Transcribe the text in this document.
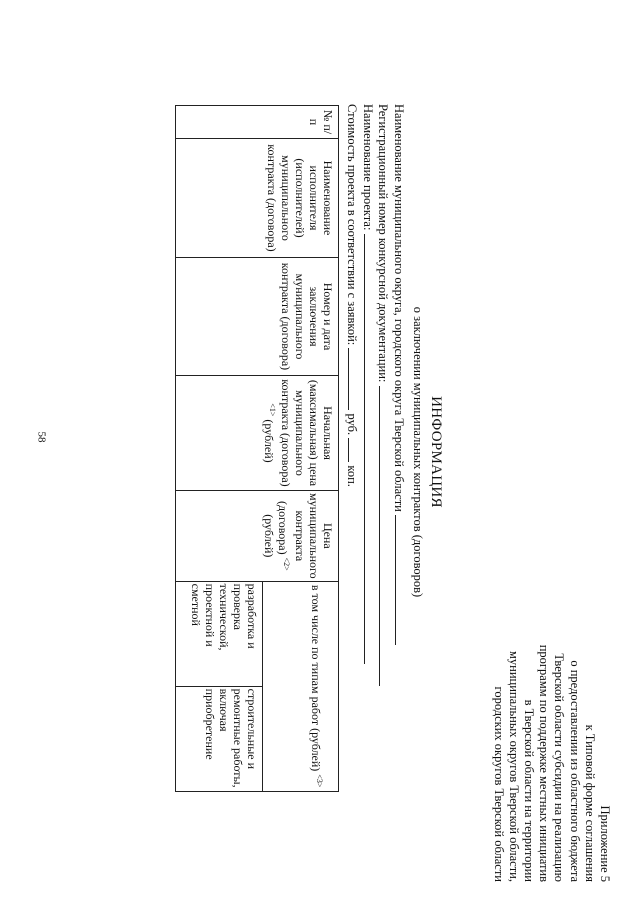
58
Приложение 5
к Типовой форме соглашения
о предоставлении из областного бюджета
Тверской области субсидии на реализацию
программ по поддержке местных инициатив
в Тверской области на территории
муниципальных округов Тверской области,
городских округов Тверской области
ИНФОРМАЦИЯ
о заключении муниципальных контрактов (договоров)
Наименование муниципального округа, городского округа Тверской области
Регистрационный номер конкурсной документации:
Наименование проекта:
Стоимость проекта в соответствии с заявкой:  руб.  коп.
№ п/п	Наименование исполнителя (исполнителей) муниципального контракта (договора)	Номер и дата заключения муниципального контракта (договора)	Начальная (максимальная) цена муниципального контракта (договора) $^{<1>}$ (рублей)	Цена муниципального контракта (договора) $^{<2>}$ (рублей)	в том числе по типам работ (рублей) $^{<3>}$
					разработка и проверка технической, проектной и сметной	строительные и ремонтные работы, включая приобретение
